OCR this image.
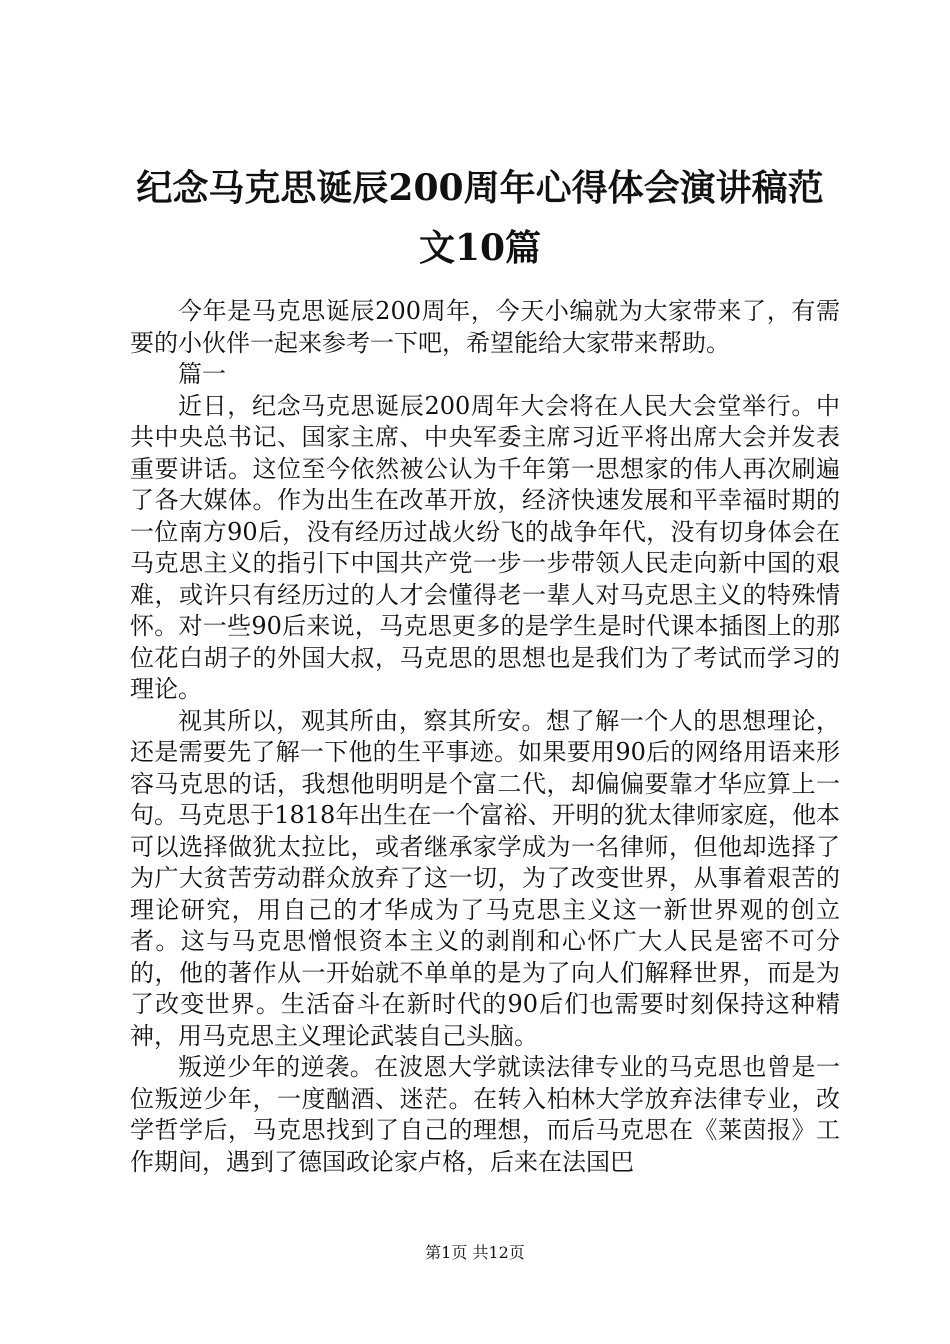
纪念马克思诞辰200周年心得体会演讲稿范文10篇

今年是马克思诞辰200周年，今天小编就为大家带来了，有需要的小伙伴一起来参考一下吧，希望能给大家带来帮助。

篇一

近日，纪念马克思诞辰200周年大会将在人民大会堂举行。中共中央总书记、国家主席、中央军委主席习近平将出席大会并发表重要讲话。这位至今依然被公认为千年第一思想家的伟人再次刷遍了各大媒体。作为出生在改革开放，经济快速发展和平幸福时期的一位南方90后，没有经历过战火纷飞的战争年代，没有切身体会在马克思主义的指引下中国共产党一步一步带领人民走向新中国的艰难，或许只有经历过的人才会懂得老一辈人对马克思主义的特殊情怀。对一些90后来说，马克思更多的是学生是时代课本插图上的那位花白胡子的外国大叔，马克思的思想也是我们为了考试而学习的理论。

视其所以，观其所由，察其所安。想了解一个人的思想理论，还是需要先了解一下他的生平事迹。如果要用90后的网络用语来形容马克思的话，我想他明明是个富二代，却偏偏要靠才华应算上一句。马克思于1818年出生在一个富裕、开明的犹太律师家庭，他本可以选择做犹太拉比，或者继承家学成为一名律师，但他却选择了为广大贫苦劳动群众放弃了这一切，为了改变世界，从事着艰苦的理论研究，用自己的才华成为了马克思主义这一新世界观的创立者。这与马克思憎恨资本主义的剥削和心怀广大人民是密不可分的，他的著作从一开始就不单单的是为了向人们解释世界，而是为了改变世界。生活奋斗在新时代的90后们也需要时刻保持这种精神，用马克思主义理论武装自己头脑。

叛逆少年的逆袭。在波恩大学就读法律专业的马克思也曾是一位叛逆少年，一度酗酒、迷茫。在转入柏林大学放弃法律专业，改学哲学后，马克思找到了自己的理想，而后马克思在《莱茵报》工作期间，遇到了德国政论家卢格，后来在法国巴

第1页 共12页
